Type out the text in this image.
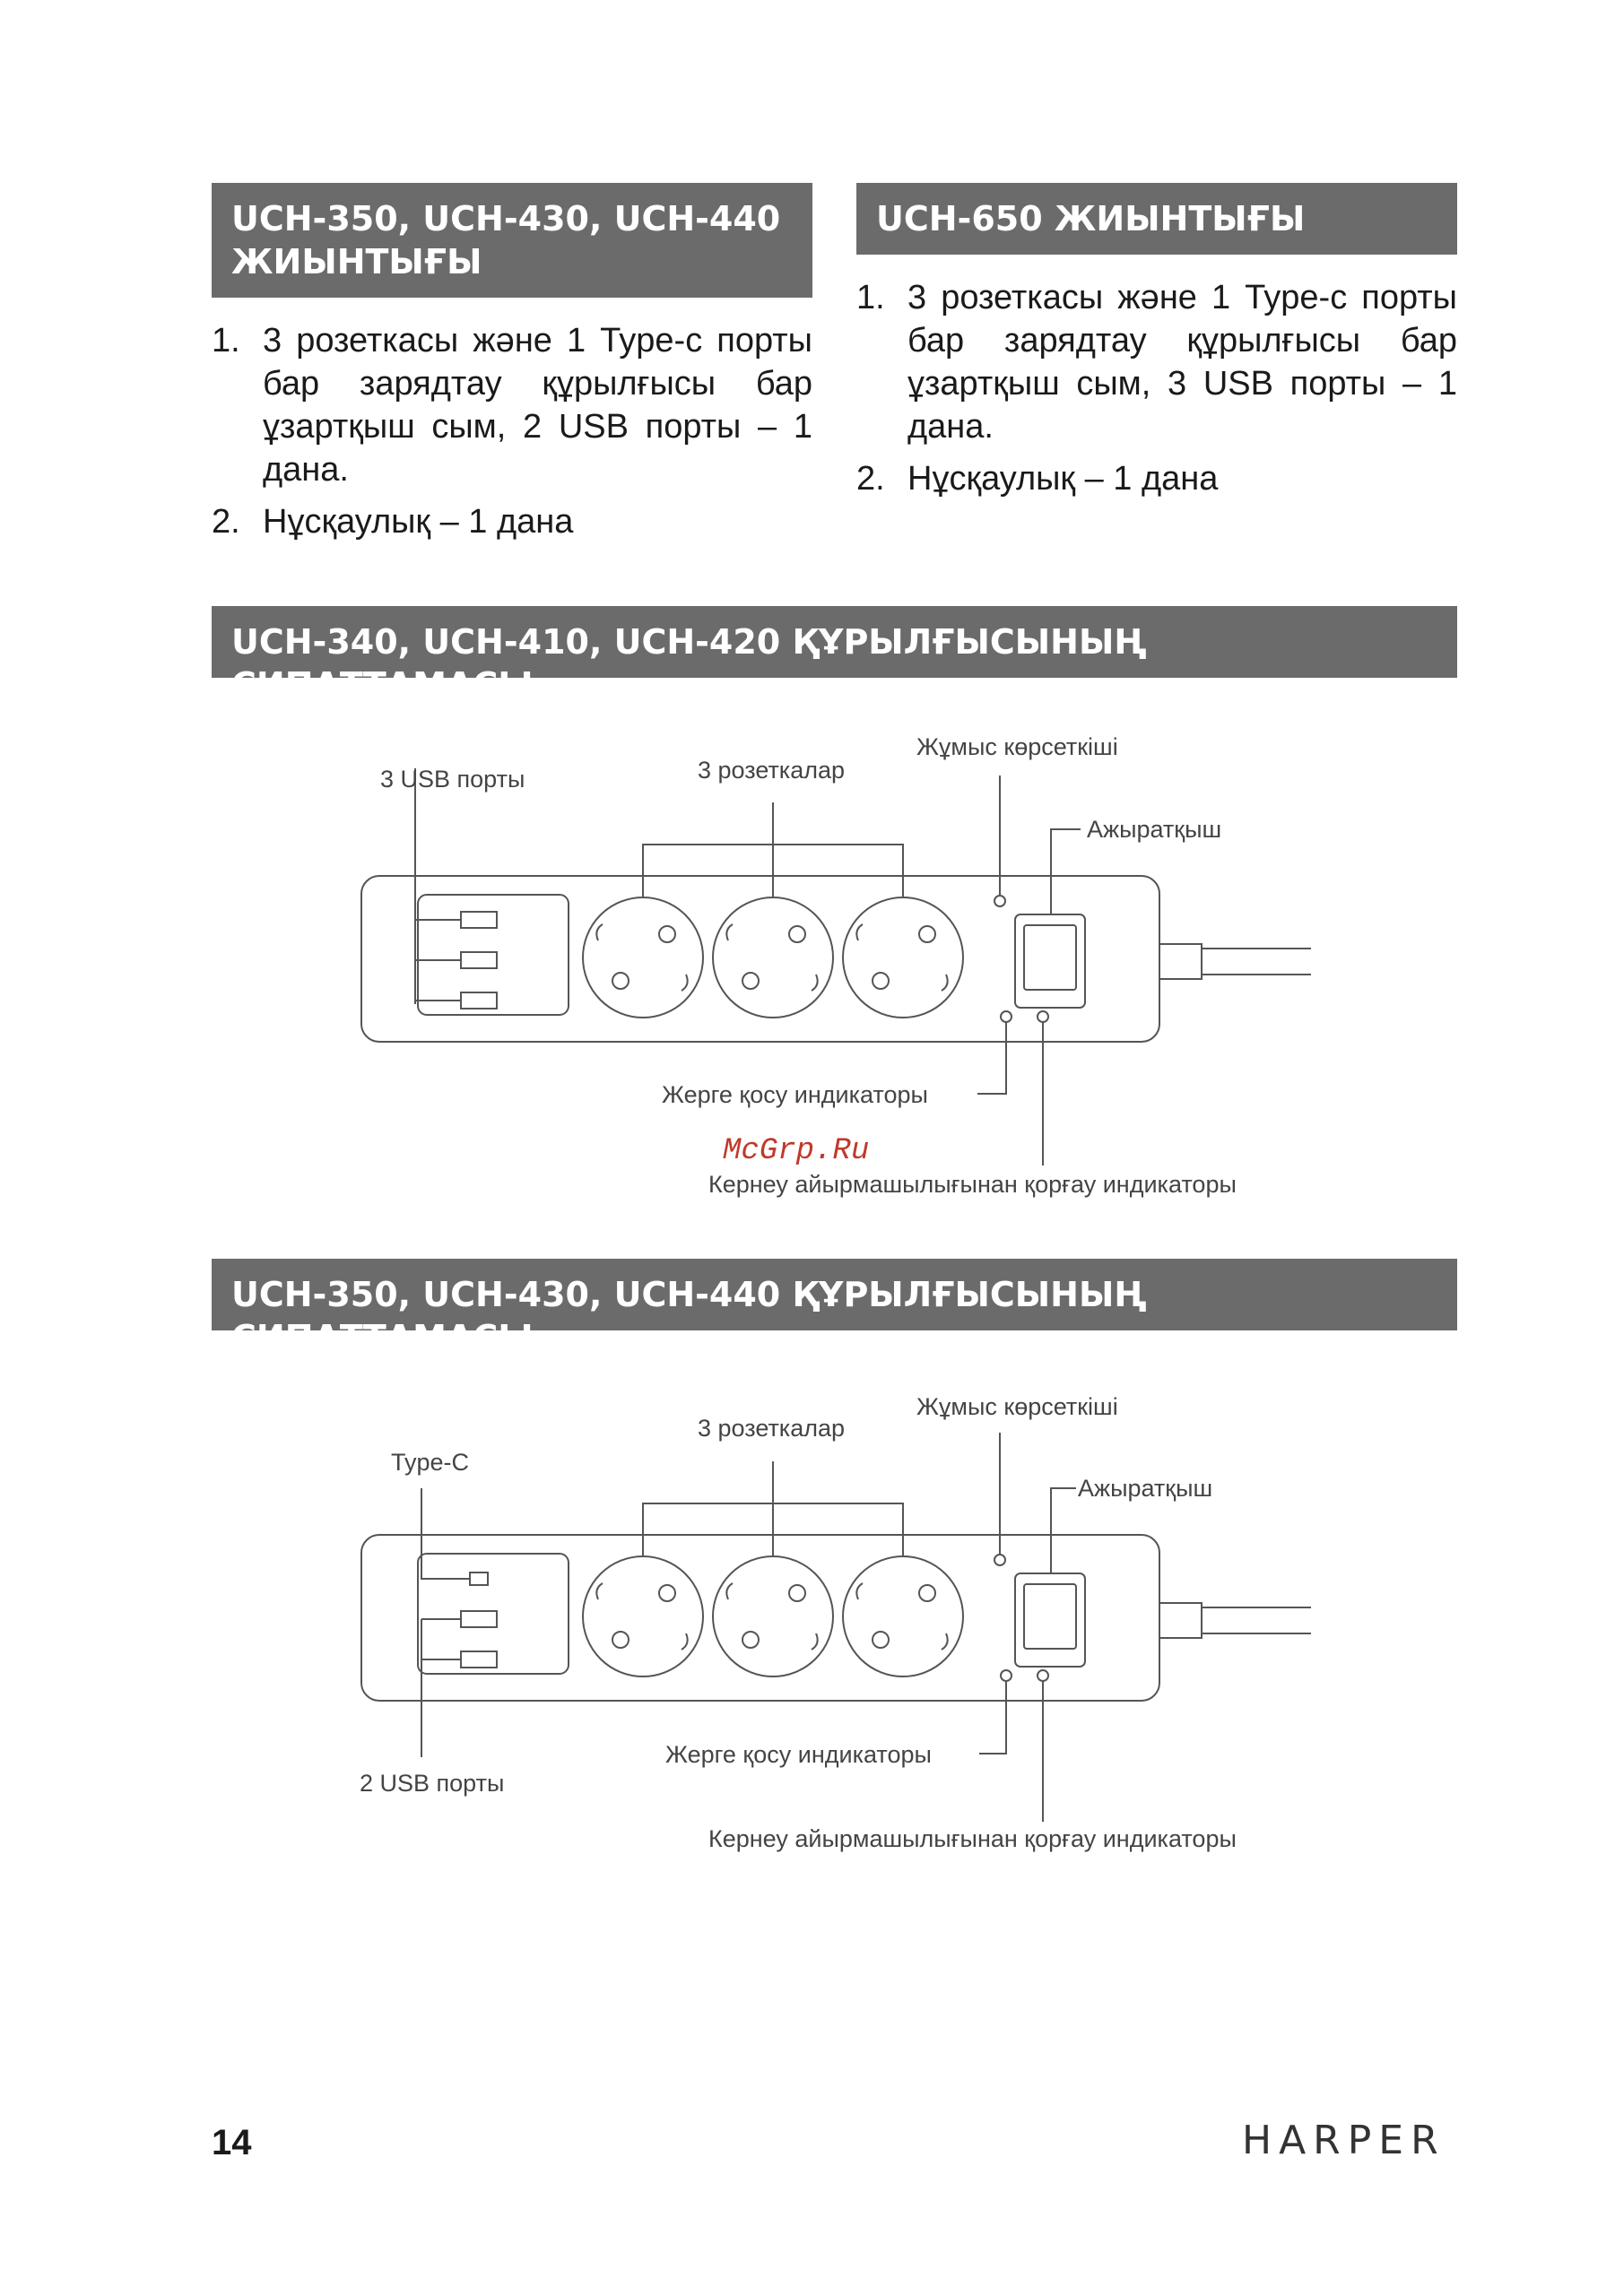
UCH-350, UCH-430, UCH-440
ЖИЫНТЫҒЫ
UCH-650 ЖИЫНТЫҒЫ
1. 3 розеткасы және 1 Type-c порты бар зарядтау құрылғысы бар ұзартқыш сым, 2 USB порты – 1 дана.
2. Нұсқаулық – 1 дана
1. 3 розеткасы және 1 Type-c порты бар зарядтау құрылғысы бар ұзартқыш сым, 3 USB порты – 1 дана.
2. Нұсқаулық – 1 дана
UCH-340, UCH-410, UCH-420 ҚҰРЫЛҒЫСЫНЫҢ СИПАТТАМАСЫ
3 USB порты	3 розеткалар
Жұмыс көрсеткіші
Ажыратқыш
Жерге қосу индикаторы
Кернеу айырмашылығынан қорғау индикаторы
McGrp.Ru
UCH-350, UCH-430, UCH-440 ҚҰРЫЛҒЫСЫНЫҢ СИПАТТАМАСЫ
Type-C
3 розеткалар
Жұмыс көрсеткіші
Ажыратқыш
2 USB порты
Жерге қосу индикаторы
Кернеу айырмашылығынан қорғау индикаторы
14	HARPER
